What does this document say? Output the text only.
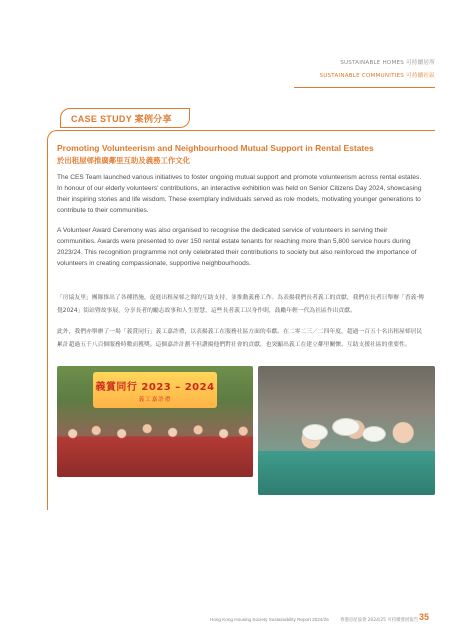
SUSTAINABLE HOMES 可持續居所
SUSTAINABLE COMMUNITIES 可持續社區
CASE STUDY 案例分享
Promoting Volunteerism and Neighbourhood Mutual Support in Rental Estates
於出租屋邨推廣鄰里互助及義務工作文化

The CES Team launched various initiatives to foster ongoing mutual support and promote volunteerism across rental estates. In honour of our elderly volunteers' contributions, an interactive exhibition was held on Senior Citizens Day 2024, showcasing their inspiring stories and life wisdom. These exemplary individuals served as role models, motivating younger generations to contribute to their communities.

A Volunteer Award Ceremony was also organised to recognise the dedicated service of volunteers in serving their communities. Awards were presented to over 150 rental estate tenants for reaching more than 5,800 service hours during 2023/24. This recognition programme not only celebrated their contributions to society but also reinforced the importance of volunteers in creating compassionate, supportive neighbourhoods.

「房協友里」團隊推出了各種措施，促進出租屋邨之間的互助支持，並推動義務工作。為表揚我們長者義工的貢獻，我們在長者日舉辦「香義‧傳覺2024」街站暨故事展，分享長者的勵志故事和人生智慧，這些長者義工以身作則，鼓勵年輕一代為社區作出貢獻。

此外，我們亦舉辦了一場「義賞同行」義工嘉許禮，以表揚義工在服務社區方面的奉獻。在二零二三／二四年度，超過一百五十名出租屋邨居民累計超過五千八百個服務時數而獲獎。這個嘉許計劃不但讚揚他們對社會的貢獻，也突顯出義工在建立鄰里關懷、互助支援社區的重要性。

義賞同行 2023 – 2024
義工嘉許禮
Hong Kong Housing Society Sustainability Report 2024/25	香港房屋協會 2024/25 可持續發展報告 35
